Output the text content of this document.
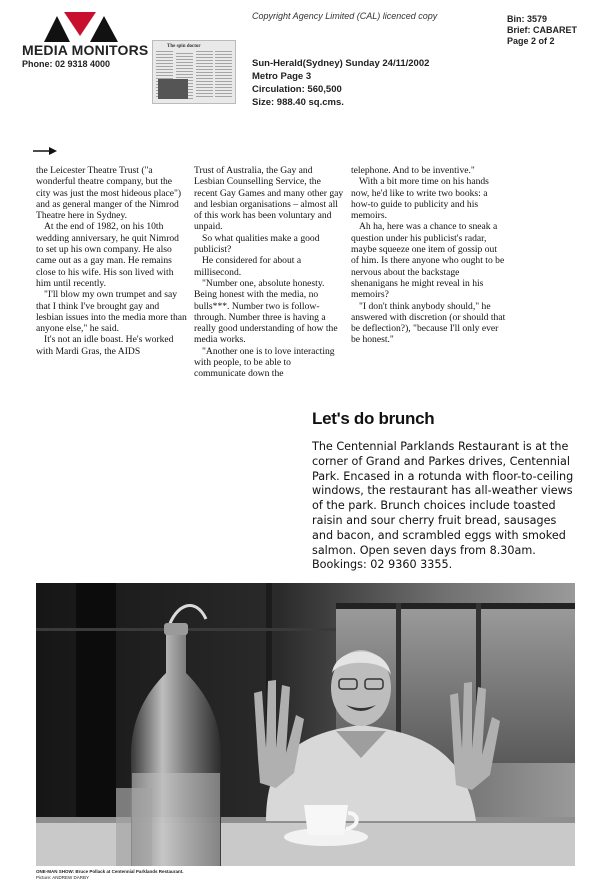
MEDIA MONITORS
Phone: 02 9318 4000
The spin doctor
Copyright Agency Limited (CAL) licenced copy	Bin: 3579
Brief: CABARET
Page 2 of 2
Sun-Herald(Sydney) Sunday 24/11/2002
Metro Page 3
Circulation: 560,500
Size: 988.40 sq.cms.

the Leicester Theatre Trust ("a wonderful theatre company, but the city was just the most hideous place") and as general manger of the Nimrod Theatre here in Sydney.

At the end of 1982, on his 10th wedding anniversary, he quit Nimrod to set up his own company. He also came out as a gay man. He remains close to his wife. His son lived with him until recently.

"I'll blow my own trumpet and say that I think I've brought gay and lesbian issues into the media more than anyone else," he said.

It's not an idle boast. He's worked with Mardi Gras, the AIDS

Trust of Australia, the Gay and Lesbian Counselling Service, the recent Gay Games and many other gay and lesbian organisations – almost all of this work has been voluntary and unpaid.

So what qualities make a good publicist?

He considered for about a millisecond.

"Number one, absolute honesty. Being honest with the media, no bulls***. Number two is follow-through. Number three is having a really good understanding of how the media works.

"Another one is to love interacting with people, to be able to communicate down the

telephone. And to be inventive."

With a bit more time on his hands now, he'd like to write two books: a how-to guide to publicity and his memoirs.

Ah ha, here was a chance to sneak a question under his publicist's radar, maybe squeeze one item of gossip out of him. Is there anyone who ought to be nervous about the backstage shenanigans he might reveal in his memoirs?

"I don't think anybody should," he answered with discretion (or should that be deflection?), "because I'll only ever be honest."

Let's do brunch

The Centennial Parklands Restaurant is at the corner of Grand and Parkes drives, Centennial Park. Encased in a rotunda with floor-to-ceiling windows, the restaurant has all-weather views of the park. Brunch choices include toasted raisin and sour cherry fruit bread, sausages and bacon, and scrambled eggs with smoked salmon. Open seven days from 8.30am. Bookings: 02 9360 3355.

ONE-MAN SHOW: Bruce Pollack at Centennial Parklands Restaurant.
Picture: ANDREW DARBY
